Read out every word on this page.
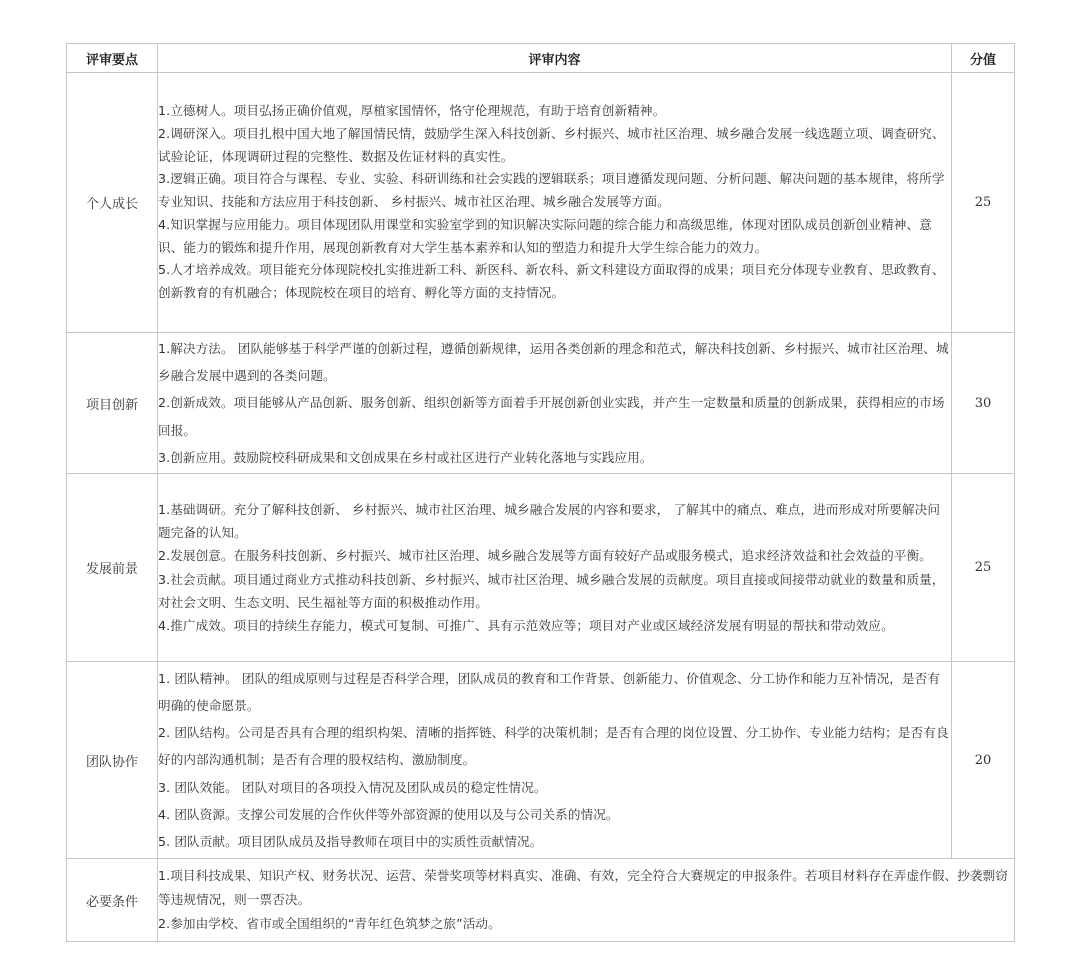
评审要点	评审内容	分值
个人成长	1.立德树人。项目弘扬正确价值观，厚植家国情怀，恪守伦理规范，有助于培育创新精神。
2.调研深入。项目扎根中国大地了解国情民情，鼓励学生深入科技创新、乡村振兴、城市社区治理、城乡融合发展一线选题立项、调查研究、试验论证，体现调研过程的完整性、数据及佐证材料的真实性。
3.逻辑正确。项目符合与课程、专业、实验、科研训练和社会实践的逻辑联系；项目遵循发现问题、分析问题、解决问题的基本规律，将所学专业知识、技能和方法应用于科技创新、 乡村振兴、城市社区治理、城乡融合发展等方面。
4.知识掌握与应用能力。项目体现团队用课堂和实验室学到的知识解决实际问题的综合能力和高级思维，体现对团队成员创新创业精神、意识、能力的锻炼和提升作用，展现创新教育对大学生基本素养和认知的塑造力和提升大学生综合能力的效力。
5.人才培养成效。项目能充分体现院校扎实推进新工科、新医科、新农科、新文科建设方面取得的成果；项目充分体现专业教育、思政教育、创新教育的有机融合；体现院校在项目的培育、孵化等方面的支持情况。	25
项目创新	1.解决方法。 团队能够基于科学严谨的创新过程，遵循创新规律，运用各类创新的理念和范式，解决科技创新、乡村振兴、城市社区治理、城乡融合发展中遇到的各类问题。
2.创新成效。项目能够从产品创新、服务创新、组织创新等方面着手开展创新创业实践，并产生一定数量和质量的创新成果，获得相应的市场回报。
3.创新应用。鼓励院校科研成果和文创成果在乡村或社区进行产业转化落地与实践应用。	30
发展前景	1.基础调研。充分了解科技创新、 乡村振兴、城市社区治理、城乡融合发展的内容和要求， 了解其中的痛点、难点，进而形成对所要解决问题完备的认知。
2.发展创意。在服务科技创新、乡村振兴、城市社区治理、城乡融合发展等方面有较好产品或服务模式，追求经济效益和社会效益的平衡。
3.社会贡献。项目通过商业方式推动科技创新、乡村振兴、城市社区治理、城乡融合发展的贡献度。项目直接或间接带动就业的数量和质量，对社会文明、生态文明、民生福祉等方面的积极推动作用。
4.推广成效。项目的持续生存能力，模式可复制、可推广、具有示范效应等；项目对产业或区域经济发展有明显的帮扶和带动效应。	25
团队协作	1. 团队精神。 团队的组成原则与过程是否科学合理，团队成员的教育和工作背景、创新能力、价值观念、分工协作和能力互补情况，是否有明确的使命愿景。
2. 团队结构。公司是否具有合理的组织构架、清晰的指挥链、科学的决策机制；是否有合理的岗位设置、分工协作、专业能力结构；是否有良好的内部沟通机制；是否有合理的股权结构、激励制度。
3. 团队效能。 团队对项目的各项投入情况及团队成员的稳定性情况。
4. 团队资源。支撑公司发展的合作伙伴等外部资源的使用以及与公司关系的情况。
5. 团队贡献。项目团队成员及指导教师在项目中的实质性贡献情况。	20
必要条件	1.项目科技成果、知识产权、财务状况、运营、荣誉奖项等材料真实、准确、有效，完全符合大赛规定的申报条件。若项目材料存在弄虚作假、抄袭剽窃等违规情况，则一票否决。
2.参加由学校、省市或全国组织的“青年红色筑梦之旅”活动。	
